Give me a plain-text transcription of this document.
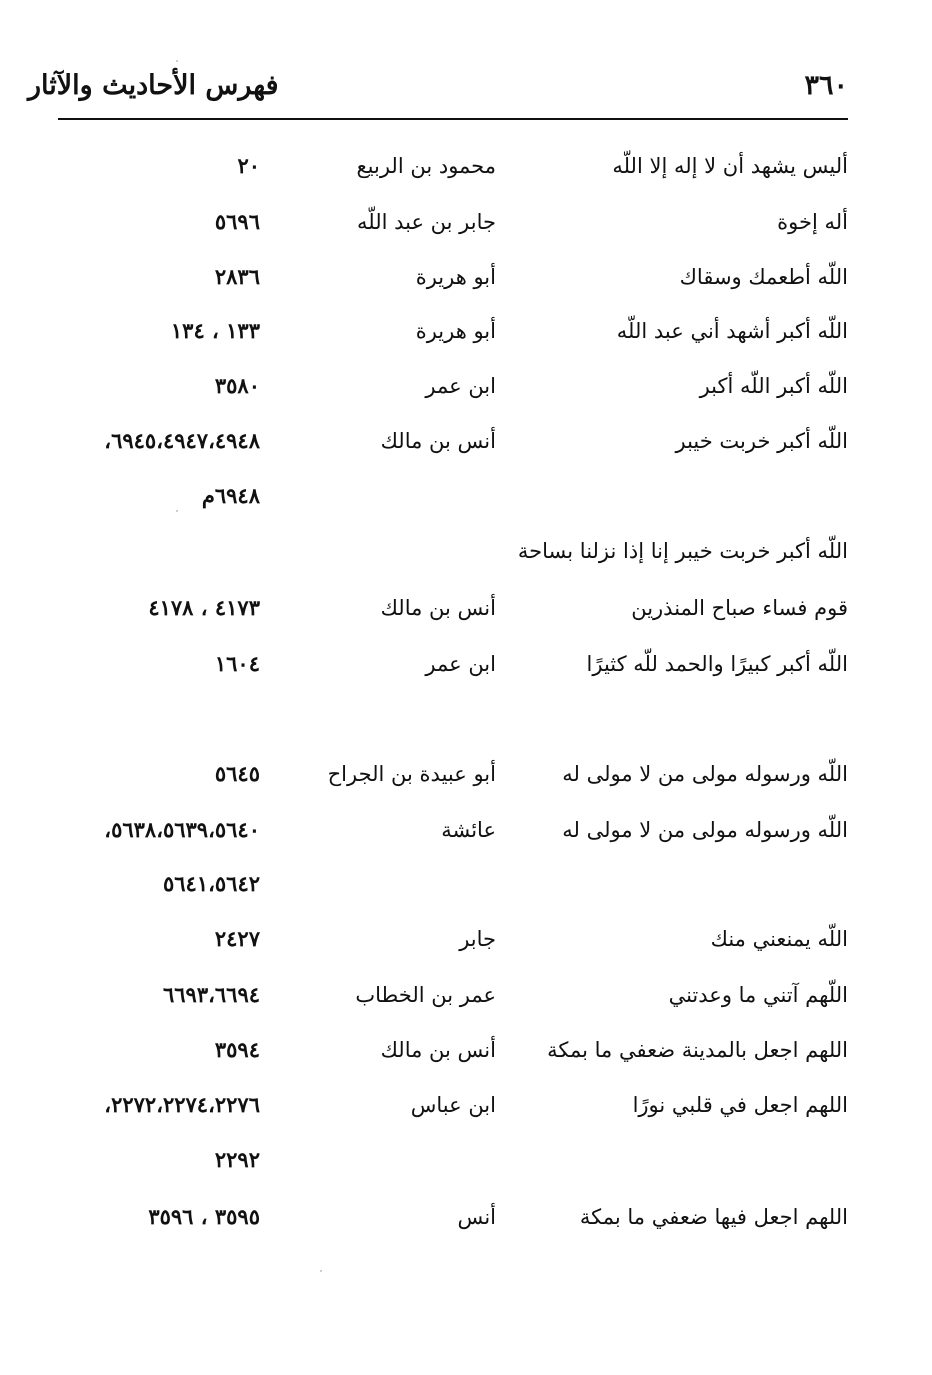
فهرس الأحاديث والآثار	٣٦٠
أليس يشهد أن لا إله إلا اللّه
محمود بن الربيع
٢٠
أله إخوة
جابر بن عبد اللّه
٥٦٩٦
اللّه أطعمك وسقاك
أبو هريرة
٢٨٣٦
اللّه أكبر أشهد أني عبد اللّه
أبو هريرة
١٣٣ ، ١٣٤
اللّه أكبر اللّه أكبر
ابن عمر
٣٥٨٠
اللّه أكبر خربت خيبر
أنس بن مالك
٦٩٤٥،٤٩٤٧،٤٩٤٨،
٦٩٤٨م
اللّه أكبر خربت خيبر إنا إذا نزلنا بساحة
قوم فساء صباح المنذرين
أنس بن مالك
٤١٧٣ ، ٤١٧٨
اللّه أكبر كبيرًا والحمد للّه كثيرًا
ابن عمر
١٦٠٤
اللّه ورسوله مولى من لا مولى له
أبو عبيدة بن الجراح
٥٦٤٥
اللّه ورسوله مولى من لا مولى له
عائشة
٥٦٣٨،٥٦٣٩،٥٦٤٠،
٥٦٤١،٥٦٤٢
اللّه يمنعني منك
جابر
٢٤٢٧
اللّهم آتني ما وعدتني
عمر بن الخطاب
٦٦٩٣،٦٦٩٤
اللهم اجعل بالمدينة ضعفي ما بمكة
أنس بن مالك
٣٥٩٤
اللهم اجعل في قلبي نورًا
ابن عباس
٢٢٧٢،٢٢٧٤،٢٢٧٦،
٢٢٩٢
اللهم اجعل فيها ضعفي ما بمكة
أنس
٣٥٩٥ ، ٣٥٩٦
